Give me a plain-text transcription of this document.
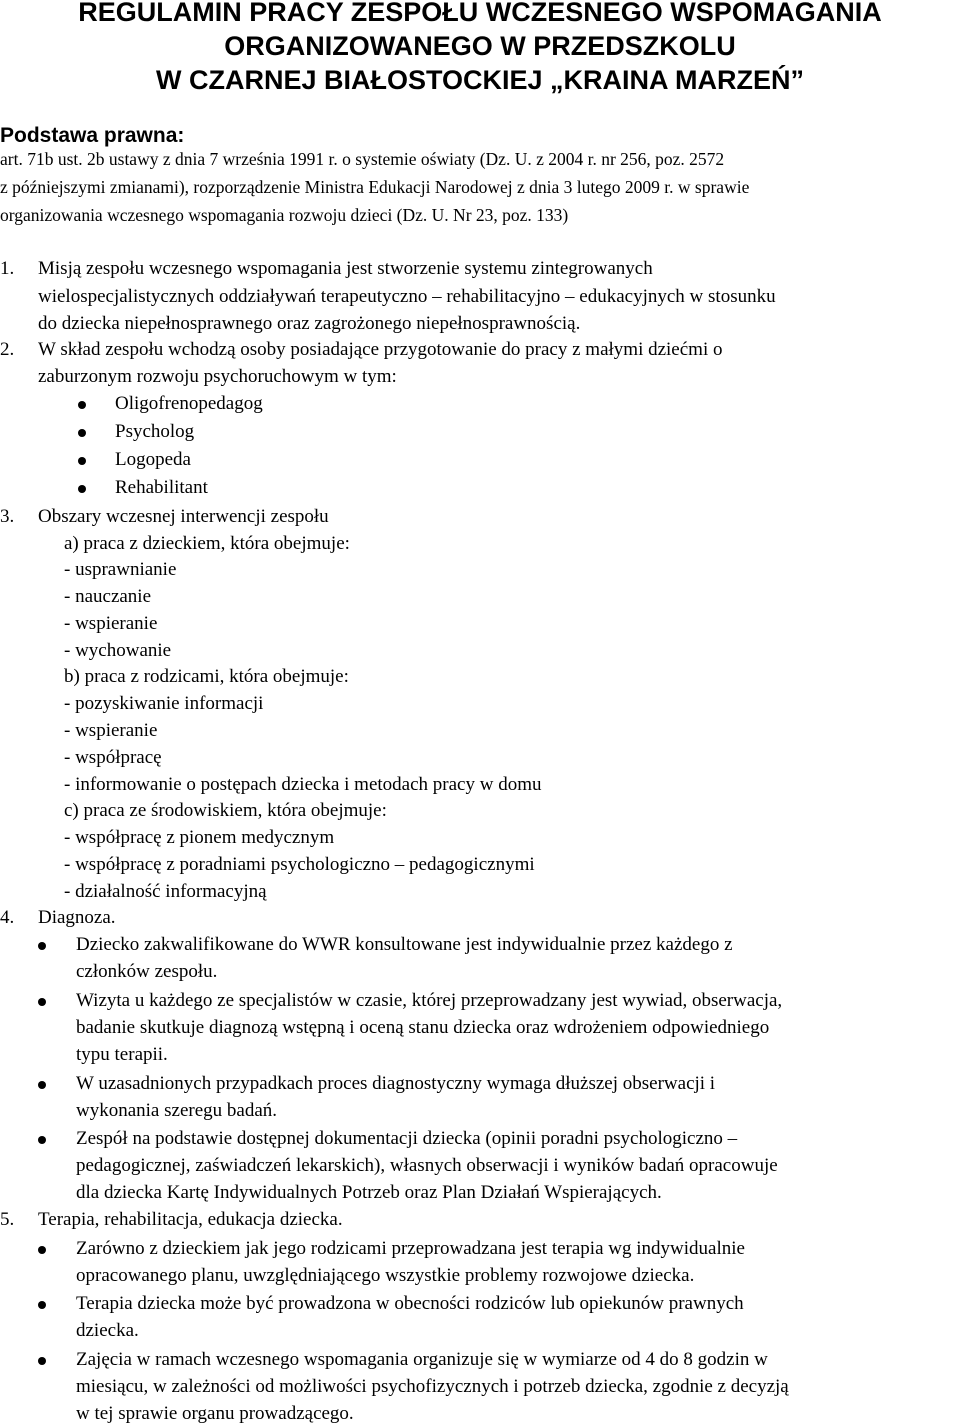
REGULAMIN PRACY ZESPOŁU WCZESNEGO WSPOMAGANIA
ORGANIZOWANEGO W PRZEDSZKOLU
W CZARNEJ BIAŁOSTOCKIEJ „KRAINA MARZEŃ”
Podstawa prawna:
art. 71b ust. 2b ustawy z dnia 7 września 1991 r. o systemie oświaty (Dz. U. z 2004 r. nr 256, poz. 2572
z późniejszymi zmianami), rozporządzenie Ministra Edukacji Narodowej z dnia 3 lutego 2009 r. w sprawie
organizowania wczesnego wspomagania rozwoju dzieci (Dz. U. Nr 23, poz. 133)
1. Misją zespołu wczesnego wspomagania jest stworzenie systemu zintegrowanych
wielospecjalistycznych oddziaływań terapeutyczno – rehabilitacyjno – edukacyjnych w stosunku
do dziecka niepełnosprawnego oraz zagrożonego niepełnosprawnością.
2. W skład zespołu wchodzą osoby posiadające przygotowanie do pracy z małymi dziećmi o
zaburzonym rozwoju psychoruchowym w tym:
Oligofrenopedagog
Psycholog
Logopeda
Rehabilitant
3. Obszary wczesnej interwencji zespołu
a) praca z dzieckiem, która obejmuje:
- usprawnianie
- nauczanie
- wspieranie
- wychowanie
b) praca z rodzicami, która obejmuje:
- pozyskiwanie informacji
- wspieranie
- współpracę
- informowanie o postępach dziecka i metodach pracy w domu
c) praca ze środowiskiem, która obejmuje:
- współpracę z pionem medycznym
- współpracę z poradniami psychologiczno – pedagogicznymi
- działalność informacyjną
4. Diagnoza.
Dziecko zakwalifikowane do WWR konsultowane jest indywidualnie przez każdego z
członków zespołu.
Wizyta u każdego ze specjalistów w czasie, której przeprowadzany jest wywiad, obserwacja,
badanie skutkuje diagnozą wstępną i oceną stanu dziecka oraz wdrożeniem odpowiedniego
typu terapii.
W uzasadnionych przypadkach proces diagnostyczny wymaga dłuższej obserwacji i
wykonania szeregu badań.
Zespół na podstawie dostępnej dokumentacji dziecka (opinii poradni psychologiczno –
pedagogicznej, zaświadczeń lekarskich), własnych obserwacji i wyników badań opracowuje
dla dziecka Kartę Indywidualnych Potrzeb oraz Plan Działań Wspierających.
5. Terapia, rehabilitacja, edukacja dziecka.
Zarówno z dzieckiem jak jego rodzicami przeprowadzana jest terapia wg indywidualnie
opracowanego planu, uwzględniającego wszystkie problemy rozwojowe dziecka.
Terapia dziecka może być prowadzona w obecności rodziców lub opiekunów prawnych
dziecka.
Zajęcia w ramach wczesnego wspomagania organizuje się w wymiarze od 4 do 8 godzin w
miesiącu, w zależności od możliwości psychofizycznych i potrzeb dziecka, zgodnie z decyzją
w tej sprawie organu prowadzącego.
